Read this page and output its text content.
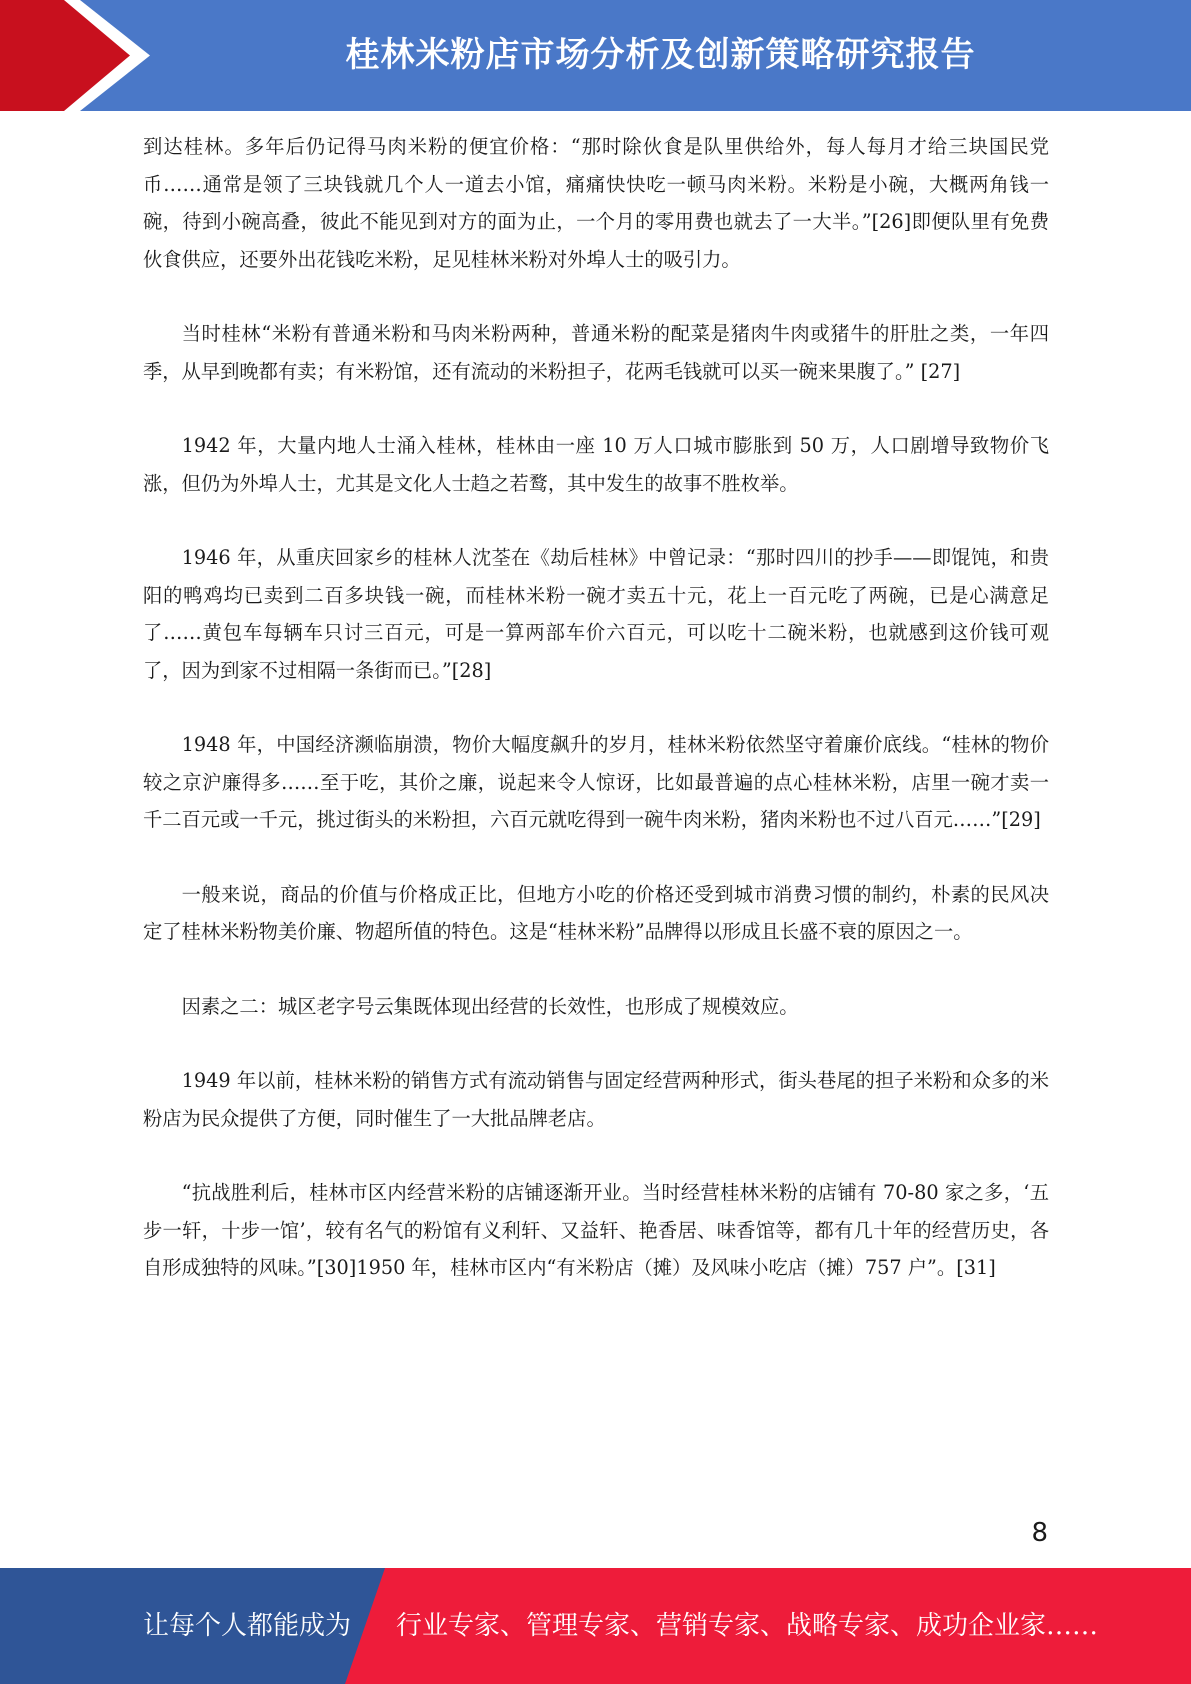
桂林米粉店市场分析及创新策略研究报告

到达桂林。多年后仍记得马肉米粉的便宜价格：“那时除伙食是队里供给外，每人每月才给三块国民党币……通常是领了三块钱就几个人一道去小馆，痛痛快快吃一顿马肉米粉。米粉是小碗，大概两角钱一碗，待到小碗高叠，彼此不能见到对方的面为止，一个月的零用费也就去了一大半。”[26]即便队里有免费伙食供应，还要外出花钱吃米粉，足见桂林米粉对外埠人士的吸引力。

当时桂林“米粉有普通米粉和马肉米粉两种，普通米粉的配菜是猪肉牛肉或猪牛的肝肚之类，一年四季，从早到晚都有卖；有米粉馆，还有流动的米粉担子，花两毛钱就可以买一碗来果腹了。” [27]

1942 年，大量内地人士涌入桂林，桂林由一座 10 万人口城市膨胀到 50 万，人口剧增导致物价飞涨，但仍为外埠人士，尤其是文化人士趋之若鹜，其中发生的故事不胜枚举。

1946 年，从重庆回家乡的桂林人沈荃在《劫后桂林》中曾记录：“那时四川的抄手——即馄饨，和贵阳的鸭鸡均已卖到二百多块钱一碗，而桂林米粉一碗才卖五十元，花上一百元吃了两碗，已是心满意足了……黄包车每辆车只讨三百元，可是一算两部车价六百元，可以吃十二碗米粉，也就感到这价钱可观了，因为到家不过相隔一条街而已。”[28]

1948 年，中国经济濒临崩溃，物价大幅度飙升的岁月，桂林米粉依然坚守着廉价底线。“桂林的物价较之京沪廉得多……至于吃，其价之廉，说起来令人惊讶，比如最普遍的点心桂林米粉，店里一碗才卖一千二百元或一千元，挑过街头的米粉担，六百元就吃得到一碗牛肉米粉，猪肉米粉也不过八百元……”[29]

一般来说，商品的价值与价格成正比，但地方小吃的价格还受到城市消费习惯的制约，朴素的民风决定了桂林米粉物美价廉、物超所值的特色。这是“桂林米粉”品牌得以形成且长盛不衰的原因之一。

因素之二：城区老字号云集既体现出经营的长效性，也形成了规模效应。

1949 年以前，桂林米粉的销售方式有流动销售与固定经营两种形式，街头巷尾的担子米粉和众多的米粉店为民众提供了方便，同时催生了一大批品牌老店。

“抗战胜利后，桂林市区内经营米粉的店铺逐渐开业。当时经营桂林米粉的店铺有 70-80 家之多，‘五步一轩，十步一馆’，较有名气的粉馆有义利轩、又益轩、艳香居、味香馆等，都有几十年的经营历史，各自形成独特的风味。”[30]1950 年，桂林市区内“有米粉店（摊）及风味小吃店（摊）757 户”。[31]

8
让每个人都能成为 行业专家、管理专家、营销专家、战略专家、成功企业家……
